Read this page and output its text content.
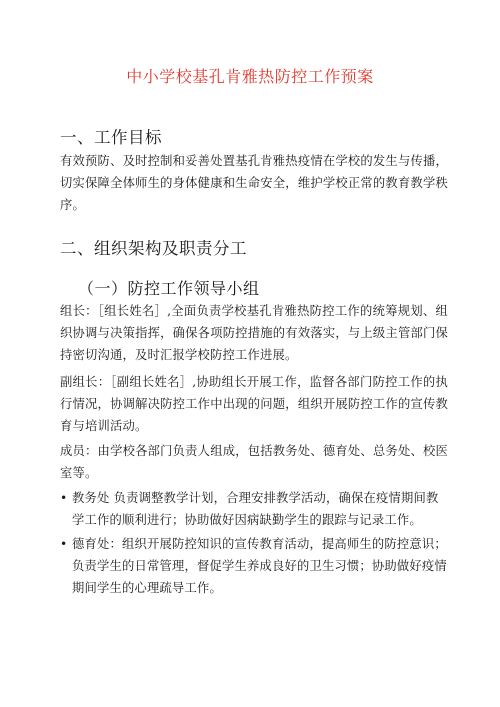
中小学校基孔肯雅热防控工作预案
一、工作目标
有效预防、及时控制和妥善处置基孔肯雅热疫情在学校的发生与传播，切实保障全体师生的身体健康和生命安全，维护学校正常的教育教学秩序。
二、组织架构及职责分工
（一）防控工作领导小组
组长：［组长姓名］,全面负责学校基孔肯雅热防控工作的统筹规划、组织协调与决策指挥，确保各项防控措施的有效落实，与上级主管部门保持密切沟通，及时汇报学校防控工作进展。
副组长：［副组长姓名］,协助组长开展工作，监督各部门防控工作的执行情况，协调解决防控工作中出现的问题，组织开展防控工作的宣传教育与培训活动。
成员：由学校各部门负责人组成，包括教务处、德育处、总务处、校医室等。
• 教务处 负责调整教学计划，合理安排教学活动，确保在疫情期间教学工作的顺利进行；协助做好因病缺勤学生的跟踪与记录工作。
• 德育处：组织开展防控知识的宣传教育活动，提高师生的防控意识；负责学生的日常管理，督促学生养成良好的卫生习惯；协助做好疫情期间学生的心理疏导工作。
